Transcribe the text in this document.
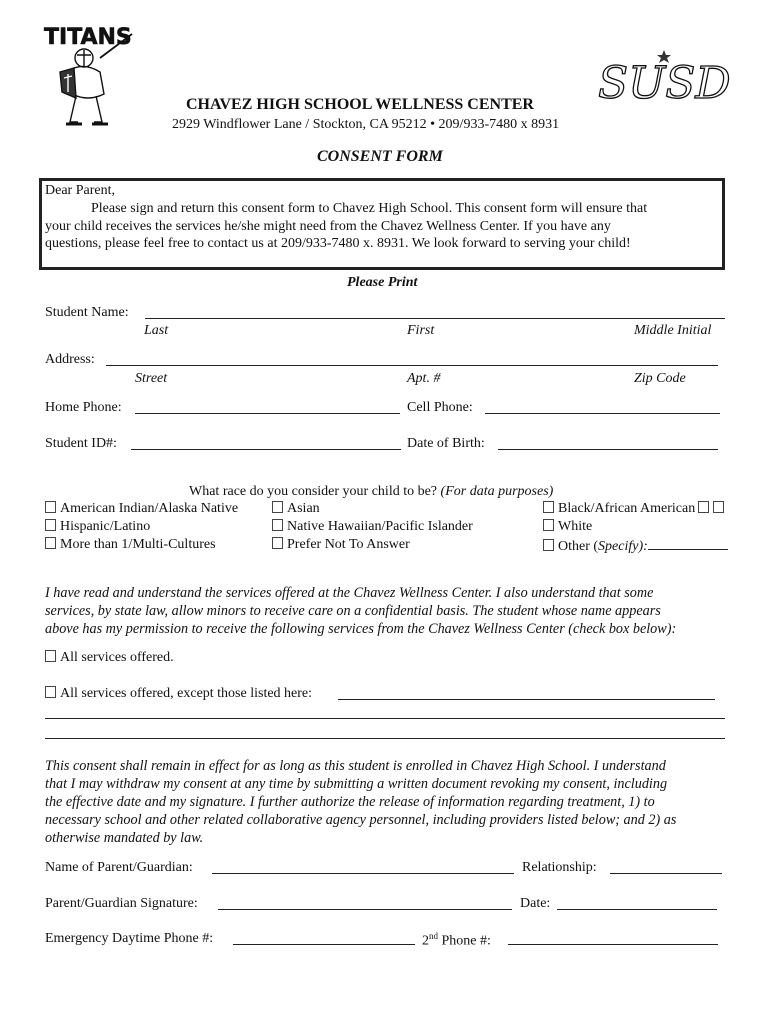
TITANS
SUSD
CHAVEZ HIGH SCHOOL WELLNESS CENTER
2929 Windflower Lane / Stockton, CA 95212 • 209/933-7480 x 8931
CONSENT FORM
Dear Parent,
Please sign and return this consent form to Chavez High School. This consent form will ensure that
your child receives the services he/she might need from the Chavez Wellness Center. If you have any
questions, please feel free to contact us at 209/933-7480 x. 8931. We look forward to serving your child!
Please Print
Student Name:
Last	First	Middle Initial
Address:
Street	Apt. #	Zip Code
Home Phone:	Cell Phone:
Student ID#:	Date of Birth:
What race do you consider your child to be? (For data purposes)
American Indian/Alaska Native	Asian	Black/African American
Hispanic/Latino	Native Hawaiian/Pacific Islander	White
More than 1/Multi-Cultures	Prefer Not To Answer	Other (Specify):
I have read and understand the services offered at the Chavez Wellness Center. I also understand that some
services, by state law, allow minors to receive care on a confidential basis. The student whose name appears
above has my permission to receive the following services from the Chavez Wellness Center (check box below):
All services offered.
All services offered, except those listed here:
This consent shall remain in effect for as long as this student is enrolled in Chavez High School. I understand
that I may withdraw my consent at any time by submitting a written document revoking my consent, including
the effective date and my signature. I further authorize the release of information regarding treatment, 1) to
necessary school and other related collaborative agency personnel, including providers listed below; and 2) as
otherwise mandated by law.
Name of Parent/Guardian:	Relationship:
Parent/Guardian Signature:	Date:
Emergency Daytime Phone #:	2nd Phone #:
